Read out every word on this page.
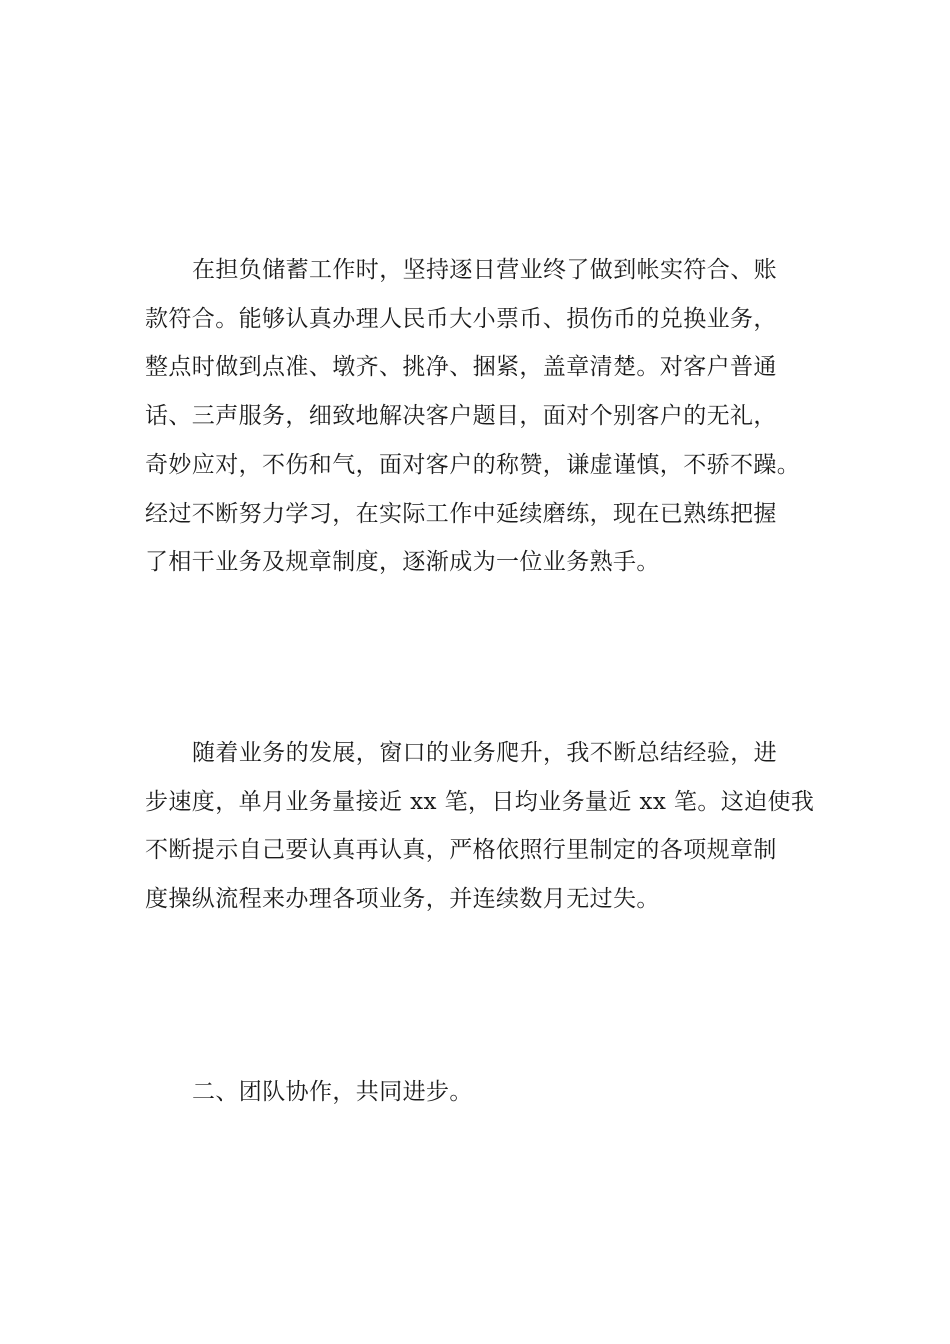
在担负储蓄工作时，坚持逐日营业终了做到帐实符合、账
款符合。能够认真办理人民币大小票币、损伤币的兑换业务，
整点时做到点准、墩齐、挑净、捆紧，盖章清楚。对客户普通
话、三声服务，细致地解决客户题目，面对个别客户的无礼，
奇妙应对，不伤和气，面对客户的称赞，谦虚谨慎，不骄不躁。
经过不断努力学习，在实际工作中延续磨练，现在已熟练把握
了相干业务及规章制度，逐渐成为一位业务熟手。
随着业务的发展，窗口的业务爬升，我不断总结经验，进
步速度，单月业务量接近 xx 笔，日均业务量近 xx 笔。这迫使我
不断提示自己要认真再认真，严格依照行里制定的各项规章制
度操纵流程来办理各项业务，并连续数月无过失。
二、团队协作，共同进步。
